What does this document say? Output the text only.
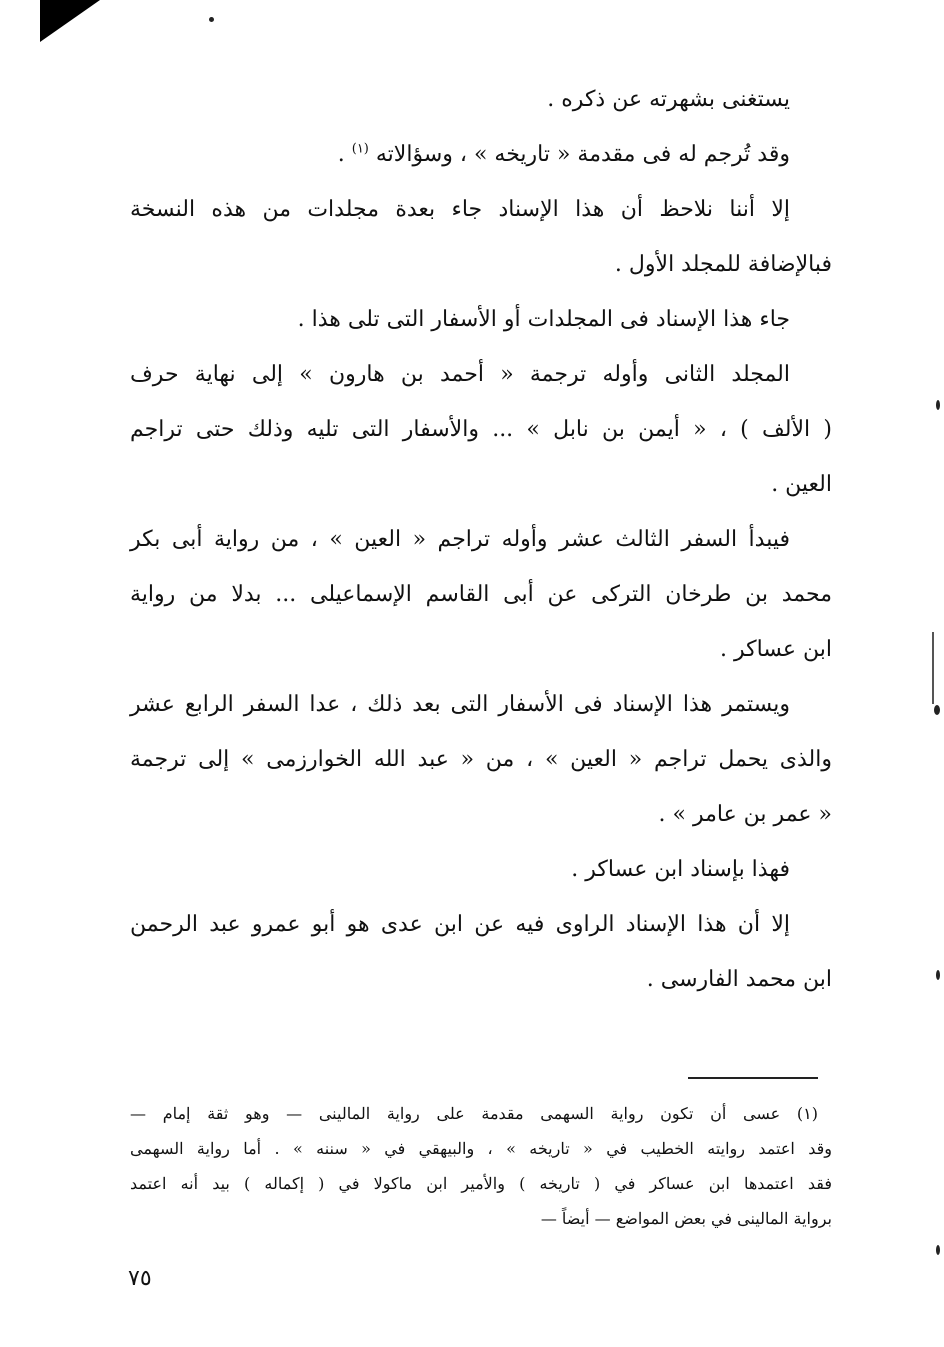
يستغنى بشهرته عن ذكره .

وقد تُرجم له فى مقدمة « تاريخه » ، وسؤالاته $^{(١)}$ .

إلا أننا نلاحظ أن هذا الإسناد جاء بعدة مجلدات من هذه النسخة
فبالإضافة للمجلد الأول .

جاء هذا الإسناد فى المجلدات أو الأسفار التى تلى هذا .

المجلد الثانى وأوله ترجمة « أحمد بن هارون » إلى نهاية حرف
( الألف ) ، « أيمن بن نابل » ... والأسفار التى تليه وذلك حتى تراجم
العين .

فيبدأ السفر الثالث عشر وأوله تراجم « العين » ، من رواية أبى بكر
محمد بن طرخان التركى عن أبى القاسم الإسماعيلى ... بدلا من رواية
ابن عساكر .

ويستمر هذا الإسناد فى الأسفار التى بعد ذلك ، عدا السفر الرابع عشر
والذى يحمل تراجم « العين » ، من « عبد الله الخوارزمى » إلى ترجمة
« عمر بن عامر » .

فهذا بإسناد ابن عساكر .

إلا أن هذا الإسناد الراوى فيه عن ابن عدى هو أبو عمرو عبد الرحمن
ابن محمد الفارسى .

(١) عسى أن تكون رواية السهمى مقدمة على رواية المالينى — وهو ثقة إمام —
وقد اعتمد روايته الخطيب في « تاريخه » ، والبيهقي في « سننه » . أما رواية السهمى
فقد اعتمدها ابن عساكر في ( تاريخه ) والأمير ابن ماكولا في ( إكماله ) بيد أنه اعتمد
برواية المالينى في بعض المواضع — أيضاً —
٧٥
